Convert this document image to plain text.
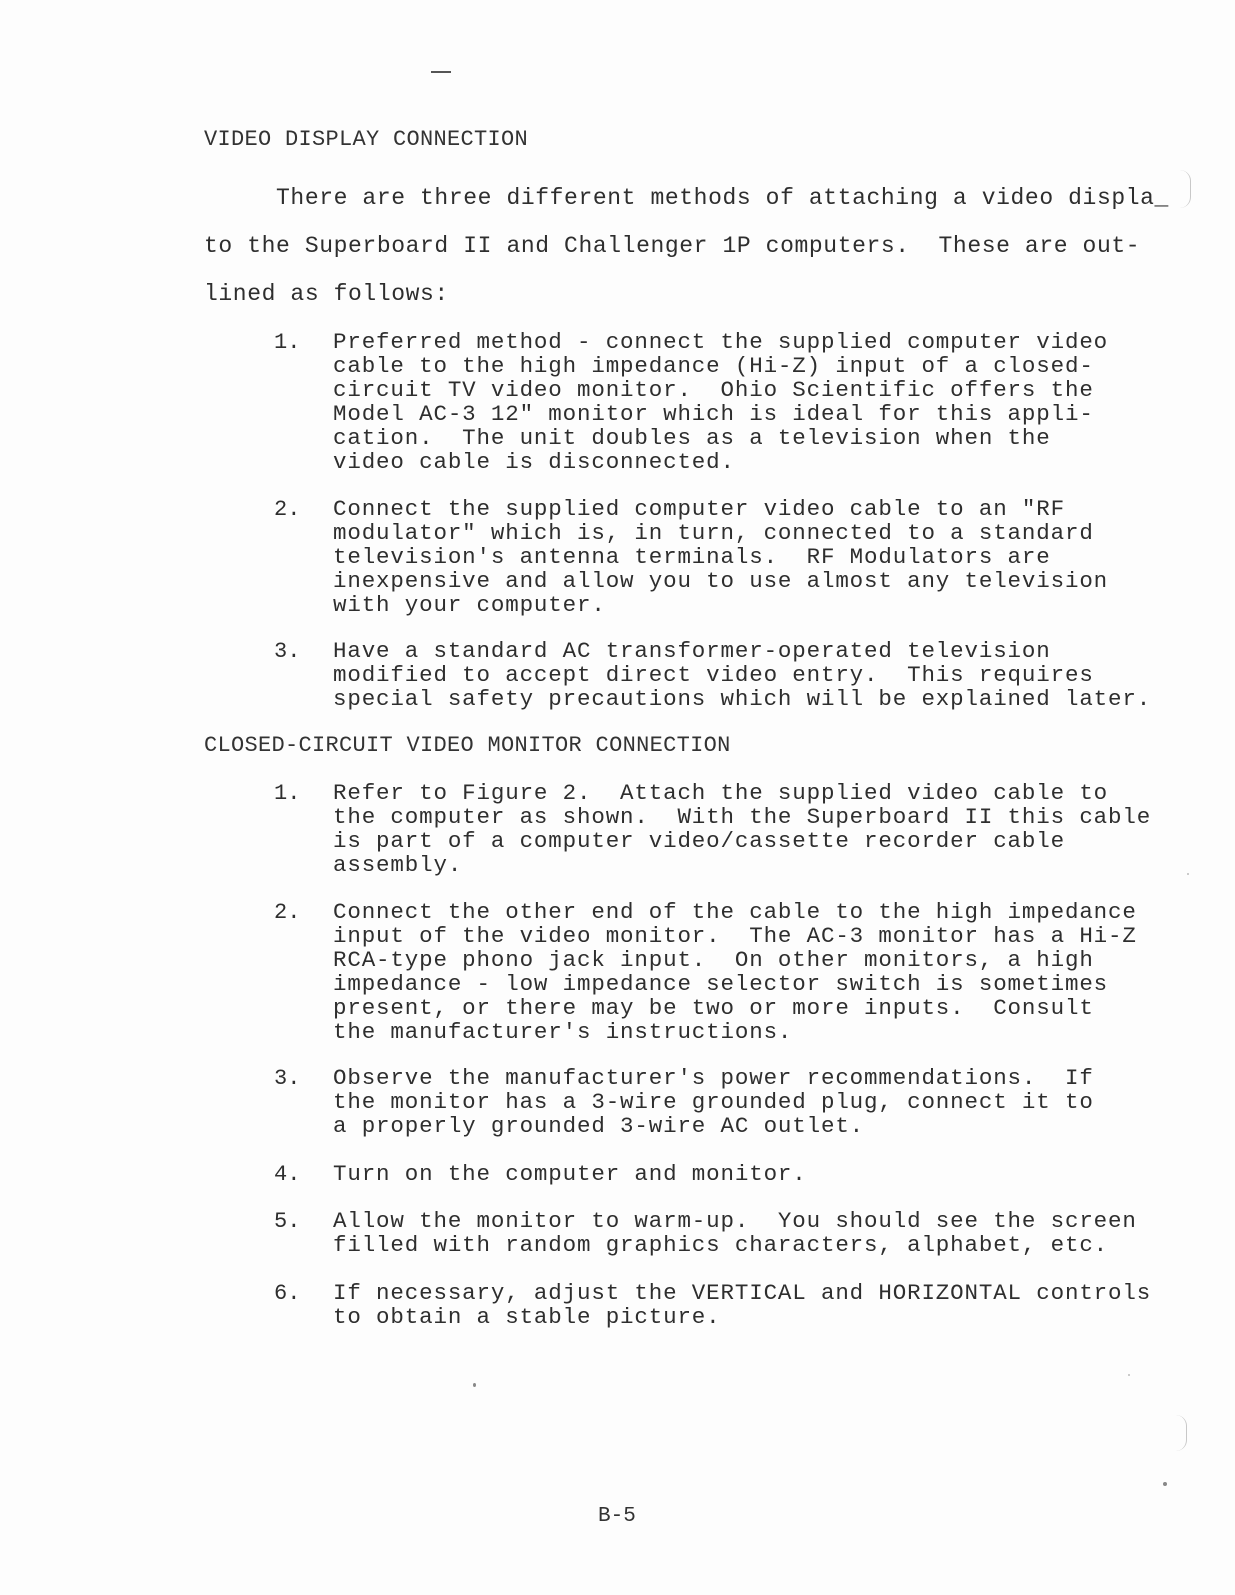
VIDEO DISPLAY CONNECTION
There are three different methods of attaching a video displa_
to the Superboard II and Challenger 1P computers.  These are out-
lined as follows:
1. Preferred method - connect the supplied computer video
cable to the high impedance (Hi-Z) input of a closed-
circuit TV video monitor.  Ohio Scientific offers the
Model AC-3 12" monitor which is ideal for this appli-
cation.  The unit doubles as a television when the
video cable is disconnected.
2. Connect the supplied computer video cable to an "RF
modulator" which is, in turn, connected to a standard
television's antenna terminals.  RF Modulators are
inexpensive and allow you to use almost any television
with your computer.
3. Have a standard AC transformer-operated television
modified to accept direct video entry.  This requires
special safety precautions which will be explained later.
CLOSED-CIRCUIT VIDEO MONITOR CONNECTION
1. Refer to Figure 2.  Attach the supplied video cable to
the computer as shown.  With the Superboard II this cable
is part of a computer video/cassette recorder cable
assembly.
2. Connect the other end of the cable to the high impedance
input of the video monitor.  The AC-3 monitor has a Hi-Z
RCA-type phono jack input.  On other monitors, a high
impedance - low impedance selector switch is sometimes
present, or there may be two or more inputs.  Consult
the manufacturer's instructions.
3. Observe the manufacturer's power recommendations.  If
the monitor has a 3-wire grounded plug, connect it to
a properly grounded 3-wire AC outlet.
4. Turn on the computer and monitor.
5. Allow the monitor to warm-up.  You should see the screen
filled with random graphics characters, alphabet, etc.
6. If necessary, adjust the VERTICAL and HORIZONTAL controls
to obtain a stable picture.
B-5
